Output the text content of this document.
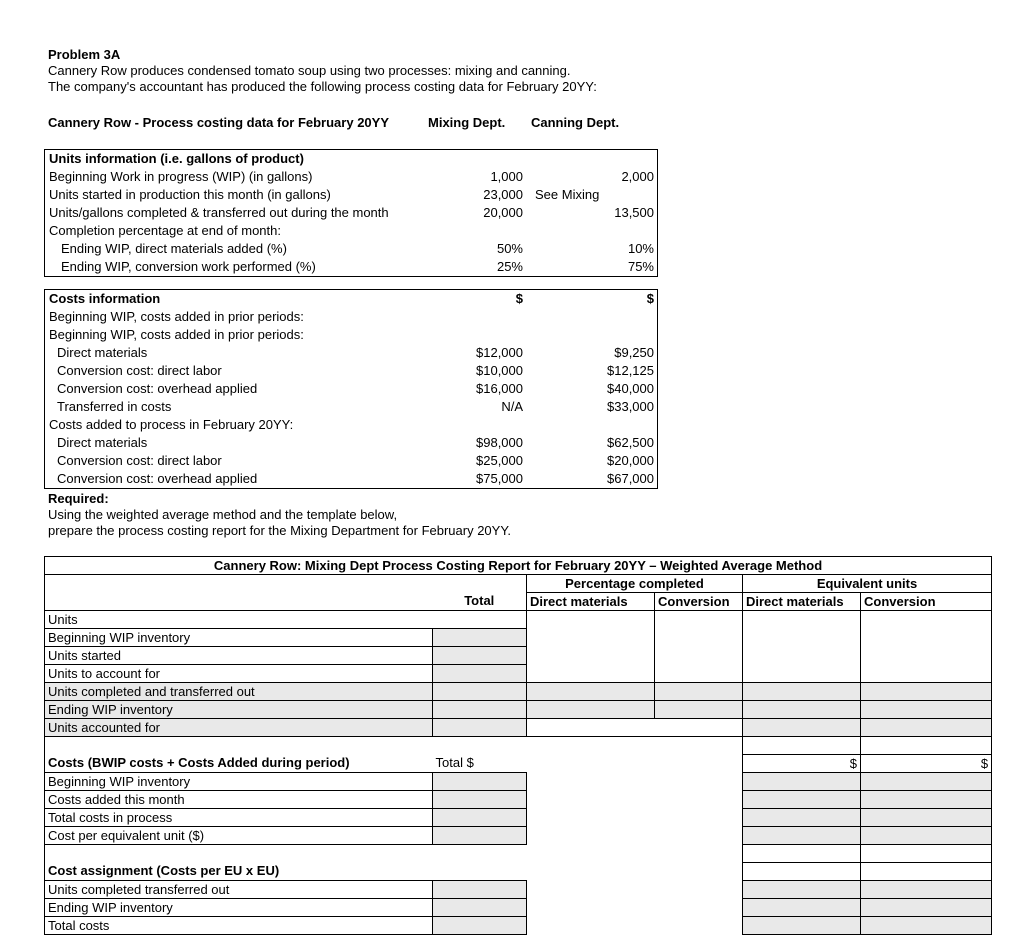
Problem 3A
Cannery Row produces condensed tomato soup using two processes: mixing and canning.
The company's accountant has produced the following process costing data for February 20YY:
Cannery Row - Process costing data for February 20YY	Mixing Dept. Canning Dept.
Units information (i.e. gallons of product)
Beginning Work in progress (WIP) (in gallons)	1,000	2,000
Units started in production this month (in gallons)	23,000 See Mixing
Units/gallons completed & transferred out during the month	20,000	13,500
Completion percentage at end of month:
Ending WIP, direct materials added (%)	50%	10%
Ending WIP, conversion work performed (%)	25%	75%
Costs information	$	$
Beginning WIP, costs added in prior periods:
Beginning WIP, costs added in prior periods:
Direct materials	$12,000	$9,250
Conversion cost: direct labor	$10,000	$12,125
Conversion cost: overhead applied	$16,000	$40,000
Transferred in costs	N/A	$33,000
Costs added to process in February 20YY:
Direct materials	$98,000	$62,500
Conversion cost: direct labor	$25,000	$20,000
Conversion cost: overhead applied	$75,000	$67,000
Required:
Using the weighted average method and the template below,
prepare the process costing report for the Mixing Department for February 20YY.
Cannery Row: Mixing Dept Process Costing Report for February 20YY – Weighted Average Method					
		Percentage completed		Equivalent units	
	Total	Direct materials	Conversion	Direct materials	Conversion
Units					
Beginning WIP inventory					
Units started					
Units to account for					
Units completed and transferred out					
Ending WIP inventory					
Units accounted for					

Costs (BWIP costs + Costs Added during period)	Total $			$	$
Beginning WIP inventory					
Costs added this month					
Total costs in process					
Cost per equivalent unit ($)					

Cost assignment (Costs per EU x EU)					
Units completed transferred out					
Ending WIP inventory					
Total costs					
